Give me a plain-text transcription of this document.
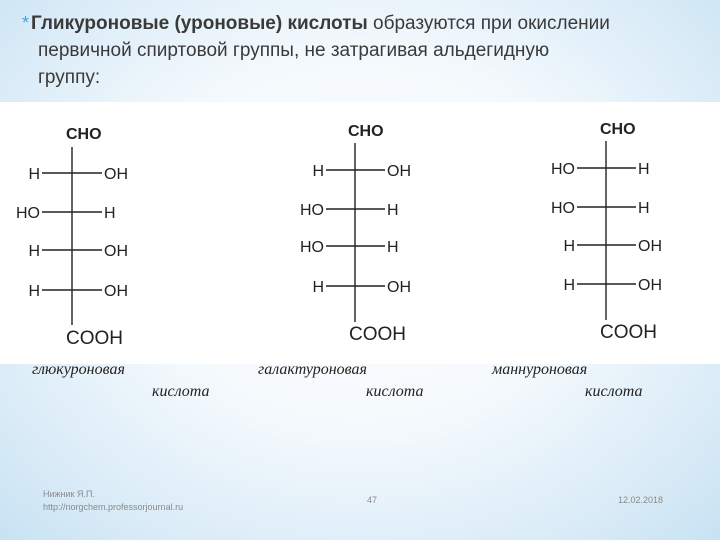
* Гликуроновые (уроновые) кислоты образуются при окислении
первичной спиртовой группы, не затрагивая альдегидную
группу:
CHO
H	OH
HO	H
H	OH
H	OH
COOH
CHO
H	OH
HO	H
HO	H
H	OH
COOH
CHO
HO	H
HO	H
H	OH
H	OH
COOH
глюкуроновая
кислота
галактуроновая
кислота
маннуроновая
кислота
Нижник Я.П.
http://norgchem.professorjournal.ru
47	12.02.2018
